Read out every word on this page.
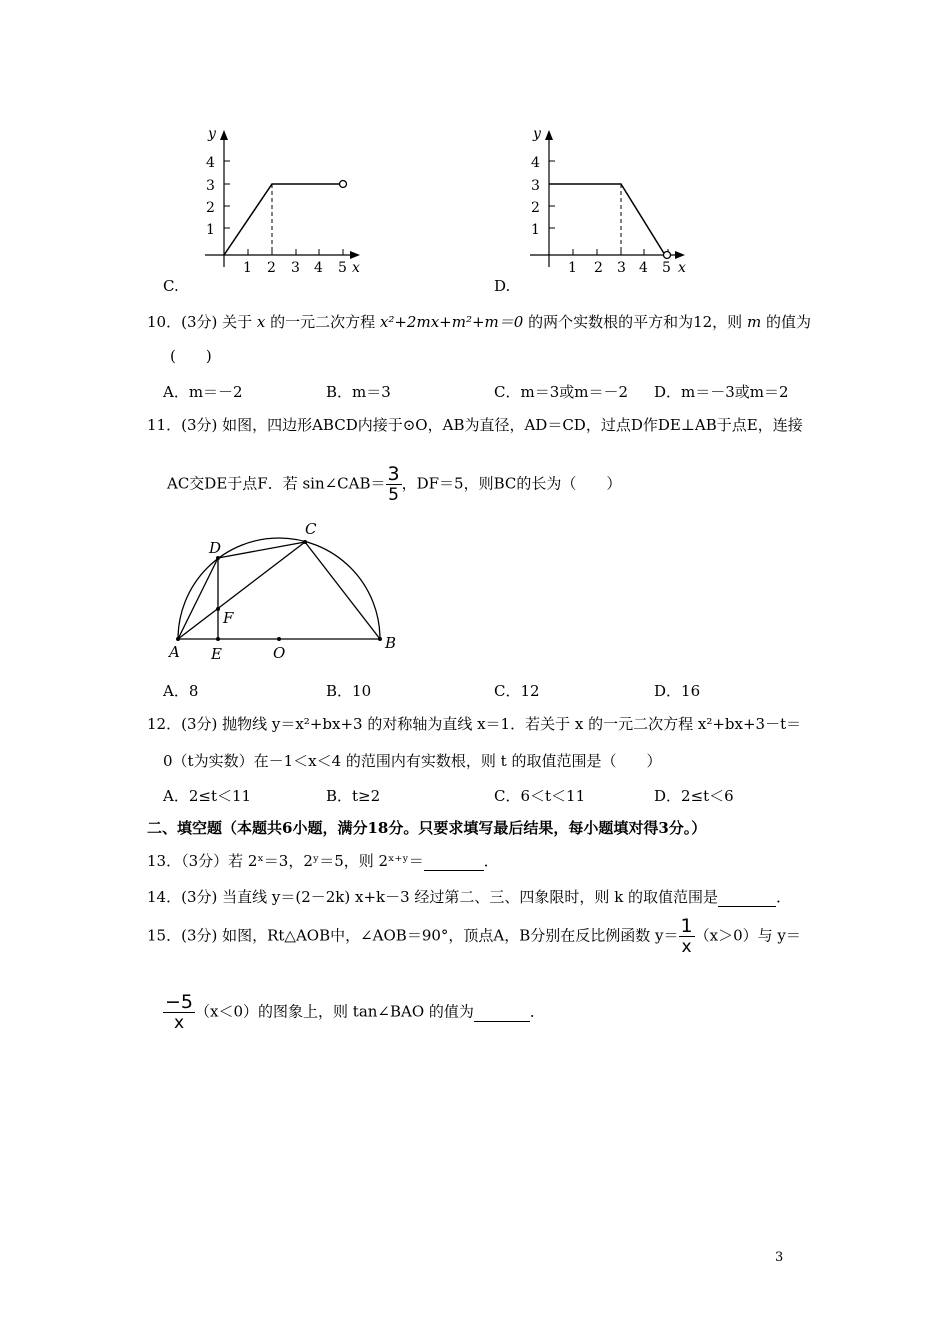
y
x
4
3
2
1
1 2 3 4 5
C.
y
x
4
3
2
1
1 2 3 4 5
D.
10．(3分) 关于 x 的一元二次方程 x²+2mx+m²+m＝0 的两个实数根的平方和为12，则 m 的值为
(　　)
A．m＝－2	B．m＝3	C．m＝3或m＝－2 D．m＝－3或m＝2
11．(3分) 如图，四边形ABCD内接于⊙O，AB为直径，AD＝CD，过点D作DE⊥AB于点E，连接
AC交DE于点F．若 sin∠CAB＝ $\frac{3}{5}$ ，DF＝5，则BC的长为（　　）
A E	O
B
D
C
F
A．8	B．10	C．12	D．16
12．(3分) 抛物线 y＝x²+bx+3 的对称轴为直线 x＝1．若关于 x 的一元二次方程 x²+bx+3－t＝
0（t为实数）在－1＜x＜4 的范围内有实数根，则 t 的取值范围是（　　）
A．2≤t＜11	B．t≥2	C．6＜t＜11	D．2≤t＜6
二、填空题（本题共6小题，满分18分。只要求填写最后结果，每小题填对得3分。）
13．（3分）若 2ˣ＝3，2ʸ＝5，则 2ˣ⁺ʸ＝	．
14．(3分) 当直线 y＝(2－2k) x+k－3 经过第二、三、四象限时，则 k 的取值范围是	．
15．(3分) 如图，Rt△AOB中，∠AOB＝90°，顶点A，B分别在反比例函数 $y= \frac{1}{x} (x>0)$与 y＝
$\frac{-5}{x} (x<0)$的图象上，则 tan∠BAO 的值为	．
3
